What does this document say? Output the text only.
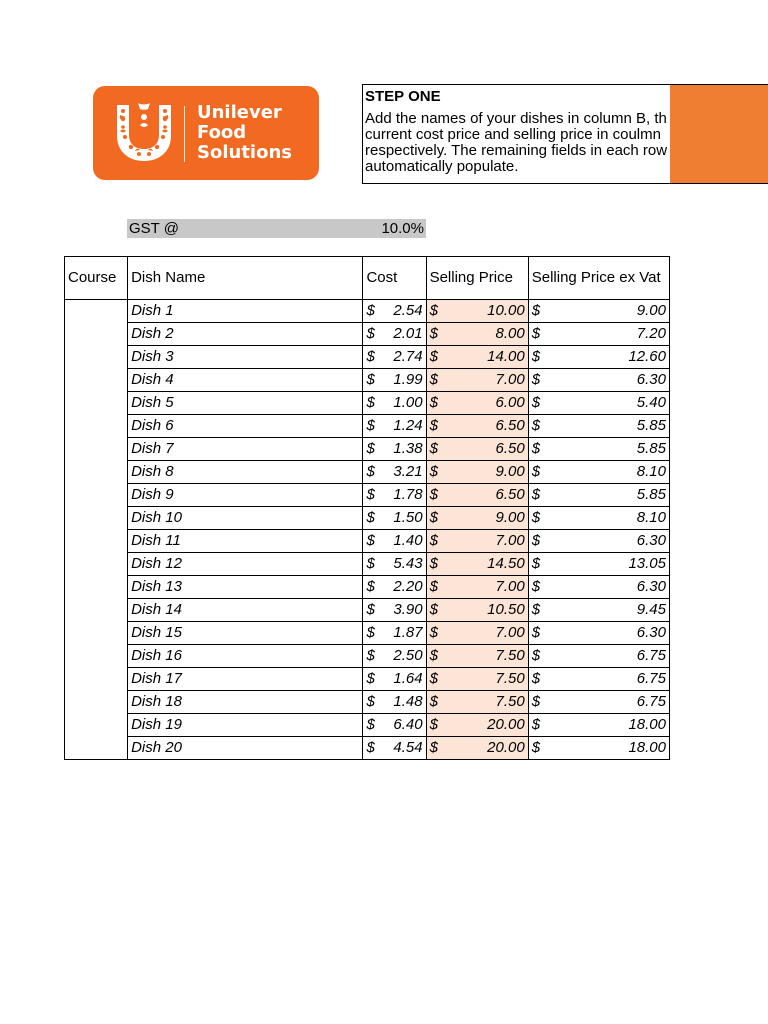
Unilever
Food
Solutions
STEP ONE
Add the names of your dishes in column B, th
current cost price and selling price in coulmn
respectively. The remaining fields in each row
automatically populate.
GST @	10.0%
Course	Dish Name	Cost	Selling Price	Selling Price ex Vat
	Dish 1	$ 2.54	$ 10.00	$ 9.00

	Dish 2	$ 2.01	$ 8.00	$ 7.20

	Dish 3	$ 2.74	$ 14.00	$ 12.60

	Dish 4	$ 1.99	$ 7.00	$ 6.30

	Dish 5	$ 1.00	$ 6.00	$ 5.40

	Dish 6	$ 1.24	$ 6.50	$ 5.85

	Dish 7	$ 1.38	$ 6.50	$ 5.85

	Dish 8	$ 3.21	$ 9.00	$ 8.10

	Dish 9	$ 1.78	$ 6.50	$ 5.85

	Dish 10	$ 1.50	$ 9.00	$ 8.10

	Dish 11	$ 1.40	$ 7.00	$ 6.30

	Dish 12	$ 5.43	$ 14.50	$ 13.05

	Dish 13	$ 2.20	$ 7.00	$ 6.30

	Dish 14	$ 3.90	$ 10.50	$ 9.45

	Dish 15	$ 1.87	$ 7.00	$ 6.30

	Dish 16	$ 2.50	$ 7.50	$ 6.75

	Dish 17	$ 1.64	$ 7.50	$ 6.75

	Dish 18	$ 1.48	$ 7.50	$ 6.75

	Dish 19	$ 6.40	$ 20.00	$ 18.00

	Dish 20	$ 4.54	$ 20.00	$ 18.00
